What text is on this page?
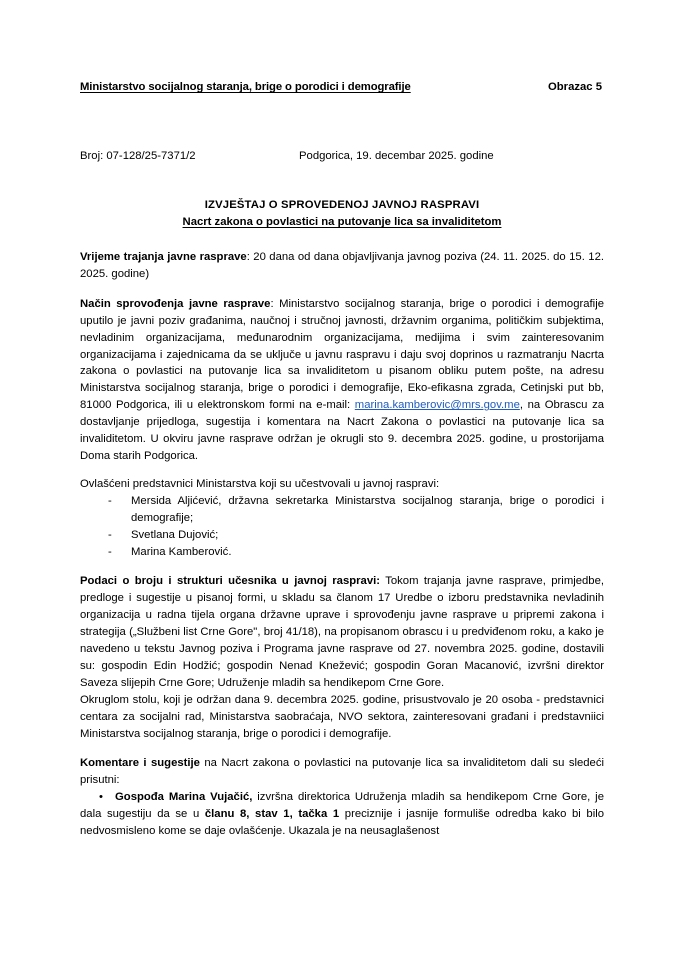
Ministarstvo socijalnog staranja, brige o porodici i demografije	Obrazac 5
Broj: 07-128/25-7371/2	Podgorica, 19. decembar 2025. godine
IZVJEŠTAJ O SPROVEDENOJ JAVNOJ RASPRAVI
Nacrt zakona o povlastici na putovanje lica sa invaliditetom

Vrijeme trajanja javne rasprave: 20 dana od dana objavljivanja javnog poziva (24. 11. 2025. do 15. 12. 2025. godine)

Način sprovođenja javne rasprave: Ministarstvo socijalnog staranja, brige o porodici i demografije uputilo je javni poziv građanima, naučnoj i stručnoj javnosti, državnim organima, političkim subjektima, nevladinim organizacijama, međunarodnim organizacijama, medijima i svim zainteresovanim organizacijama i zajednicama da se uključe u javnu raspravu i daju svoj doprinos u razmatranju Nacrta zakona o povlastici na putovanje lica sa invaliditetom u pisanom obliku putem pošte, na adresu Ministarstva socijalnog staranja, brige o porodici i demografije, Eko-efikasna zgrada, Cetinjski put bb, 81000 Podgorica, ili u elektronskom formi na e-mail: marina.kamberovic@mrs.gov.me, na Obrascu za dostavljanje prijedloga, sugestija i komentara na Nacrt Zakona o povlastici na putovanje lica sa invaliditetom. U okviru javne rasprave održan je okrugli sto 9. decembra 2025. godine, u prostorijama Doma starih Podgorica.

Ovlašćeni predstavnici Ministarstva koji su učestvovali u javnoj raspravi:

- Mersida Aljićević, državna sekretarka Ministarstva socijalnog staranja, brige o porodici i demografije;
- Svetlana Dujović;
- Marina Kamberović.

Podaci o broju i strukturi učesnika u javnoj raspravi: Tokom trajanja javne rasprave, primjedbe, predloge i sugestije u pisanoj formi, u skladu sa članom 17 Uredbe o izboru predstavnika nevladinih organizacija u radna tijela organa državne uprave i sprovođenju javne rasprave u pripremi zakona i strategija („Službeni list Crne Gore", broj 41/18), na propisanom obrascu i u predviđenom roku, a kako je navedeno u tekstu Javnog poziva i Programa javne rasprave od 27. novembra 2025. godine, dostavili su: gospodin Edin Hodžić; gospodin Nenad Knežević; gospodin Goran Macanović, izvršni direktor Saveza slijepih Crne Gore; Udruženje mladih sa hendikepom Crne Gore.

Okruglom stolu, koji je održan dana 9. decembra 2025. godine, prisustvovalo je 20 osoba - predstavnici centara za socijalni rad, Ministarstva saobraćaja, NVO sektora, zainteresovani građani i predstavniici Ministarstva socijalnog staranja, brige o porodici i demografije.

Komentare i sugestije na Nacrt zakona o povlastici na putovanje lica sa invaliditetom dali su sledeći prisutni:

• Gospođa Marina Vujačić, izvršna direktorica Udruženja mladih sa hendikepom Crne Gore, je dala sugestiju da se u članu 8, stav 1, tačka 1 preciznije i jasnije formuliše odredba kako bi bilo nedvosmisleno kome se daje ovlašćenje. Ukazala je na neusaglašenost
